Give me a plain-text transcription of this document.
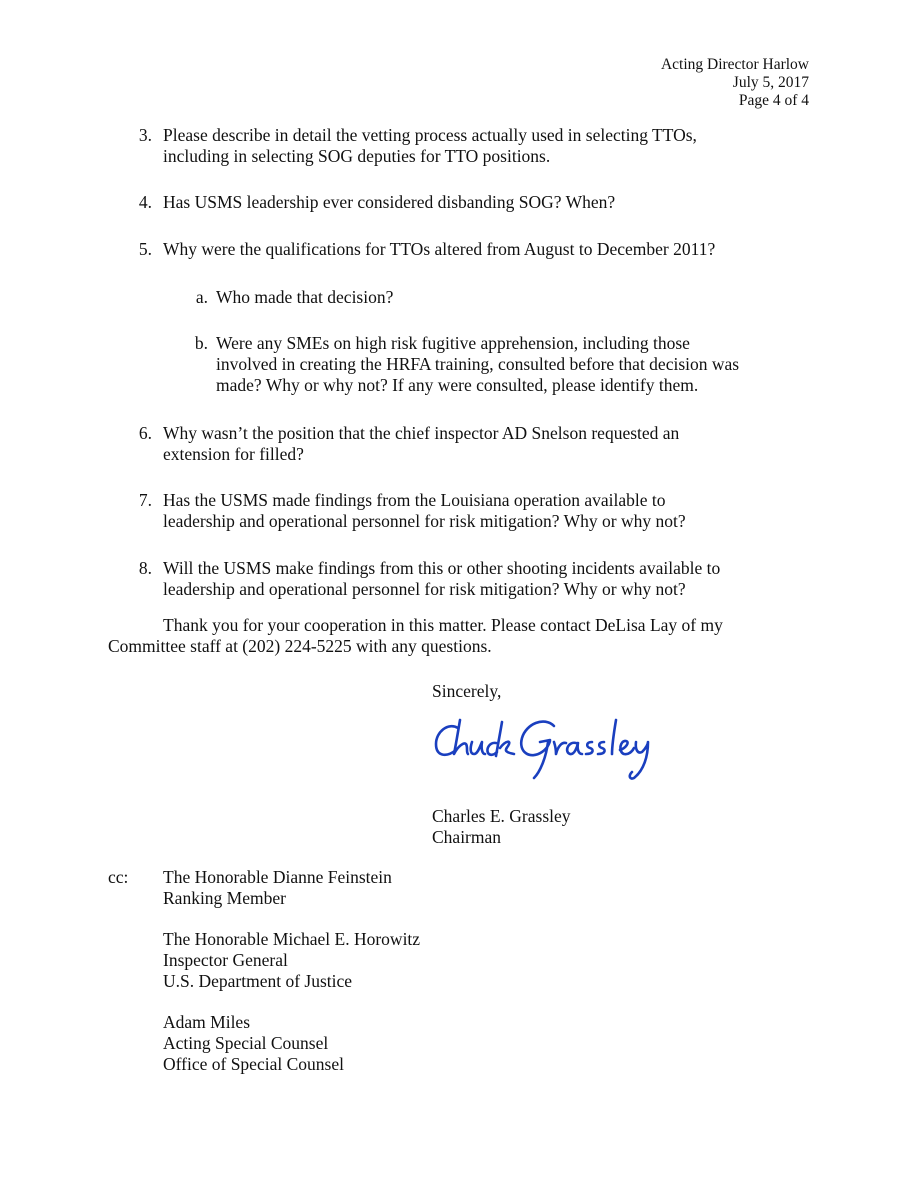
Acting Director Harlow
July 5, 2017
Page 4 of 4
3. Please describe in detail the vetting process actually used in selecting TTOs,
including in selecting SOG deputies for TTO positions.
4. Has USMS leadership ever considered disbanding SOG? When?
5. Why were the qualifications for TTOs altered from August to December 2011?
a. Who made that decision?
b. Were any SMEs on high risk fugitive apprehension, including those
involved in creating the HRFA training, consulted before that decision was
made? Why or why not? If any were consulted, please identify them.
6. Why wasn’t the position that the chief inspector AD Snelson requested an
extension for filled?
7. Has the USMS made findings from the Louisiana operation available to
leadership and operational personnel for risk mitigation? Why or why not?
8. Will the USMS make findings from this or other shooting incidents available to
leadership and operational personnel for risk mitigation? Why or why not?
Thank you for your cooperation in this matter. Please contact DeLisa Lay of my
Committee staff at (202) 224-5225 with any questions.
Sincerely,
Charles E. Grassley
Chairman
cc: The Honorable Dianne Feinstein
Ranking Member
The Honorable Michael E. Horowitz
Inspector General
U.S. Department of Justice
Adam Miles
Acting Special Counsel
Office of Special Counsel
